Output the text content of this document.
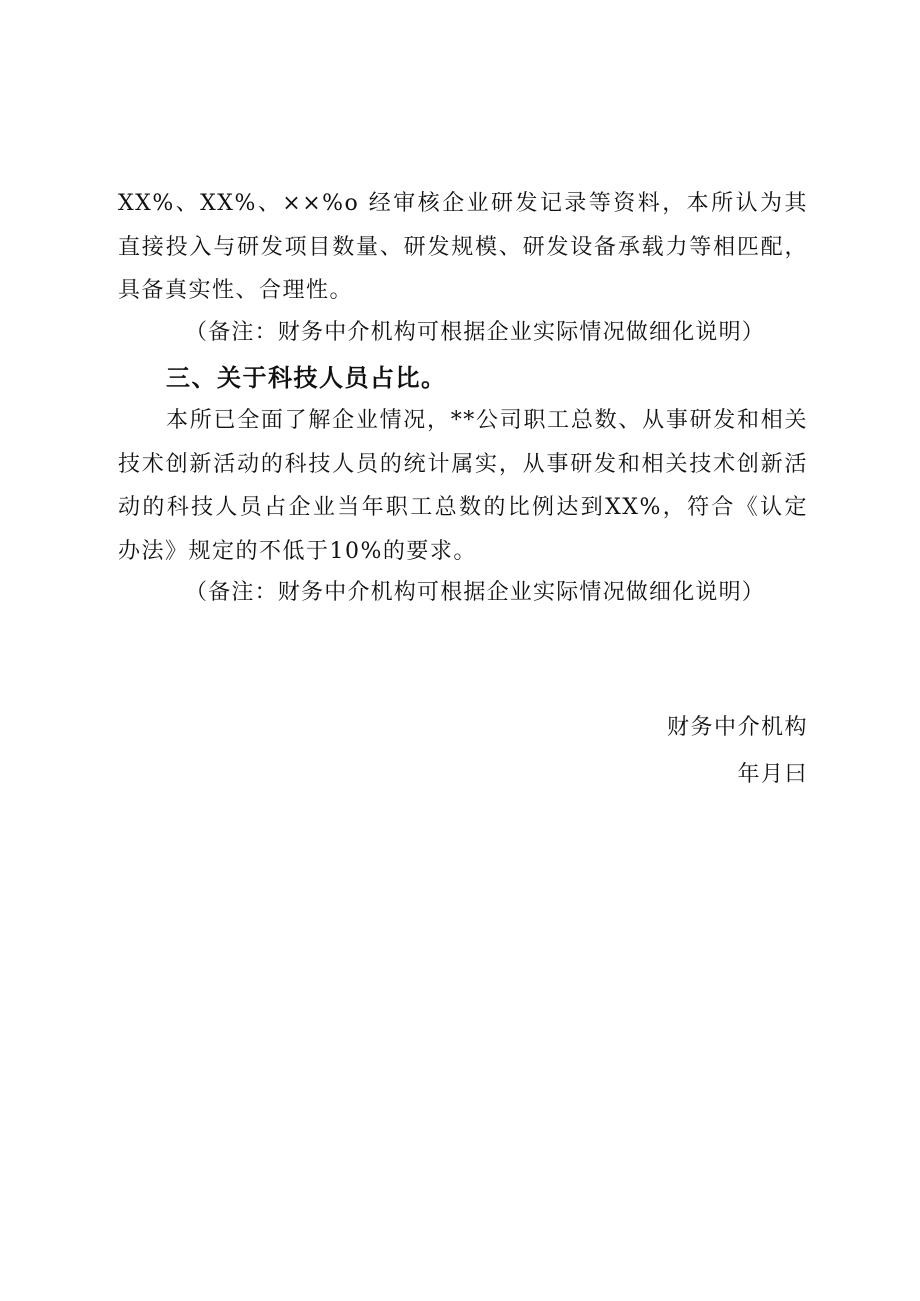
XX%、XX%、××%o 经审核企业研发记录等资料，本所认为其直接投入与研发项目数量、研发规模、研发设备承载力等相匹配，具备真实性、合理性。

（备注：财务中介机构可根据企业实际情况做细化说明）

三、关于科技人员占比。

本所已全面了解企业情况，**公司职工总数、从事研发和相关技术创新活动的科技人员的统计属实，从事研发和相关技术创新活动的科技人员占企业当年职工总数的比例达到XX%，符合《认定办法》规定的不低于10%的要求。

（备注：财务中介机构可根据企业实际情况做细化说明）

财务中介机构

年月曰
